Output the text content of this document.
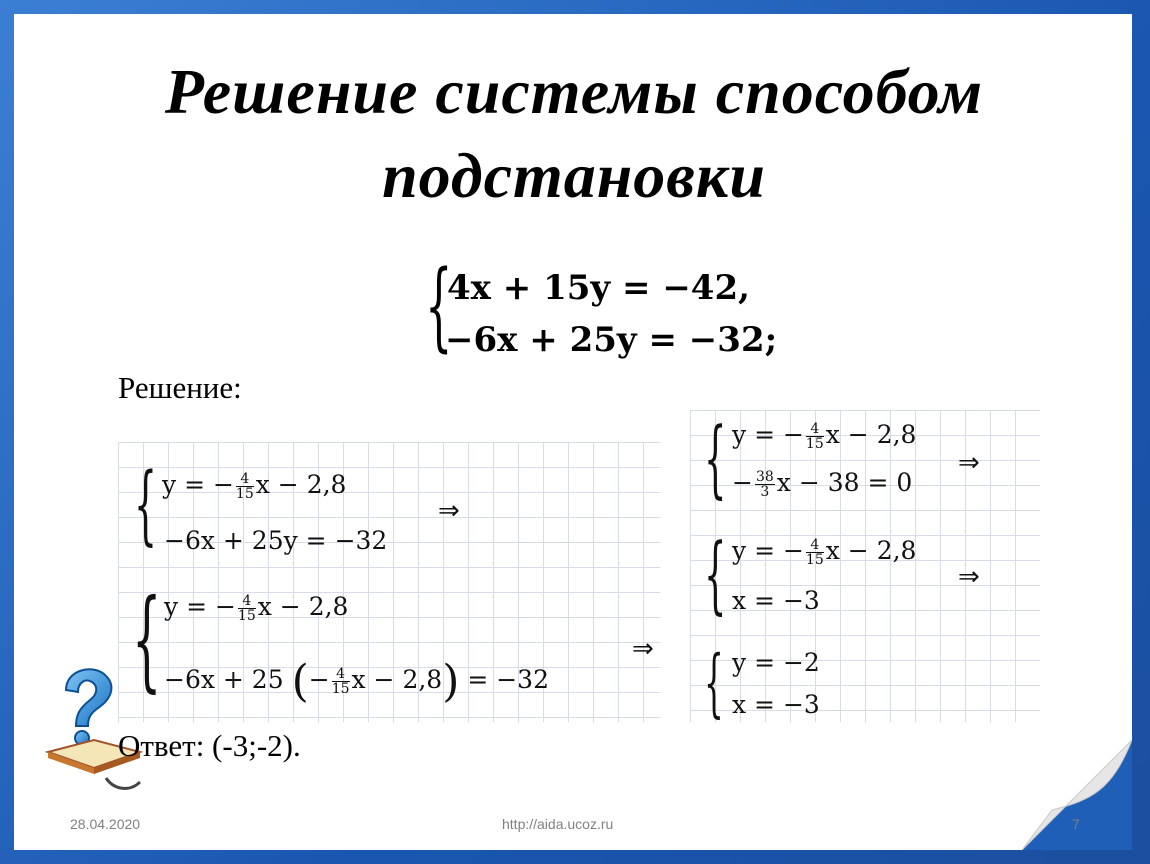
Решение системы способом
подстановки
{
4x + 15y = −42,
−6x + 25y = −32;
Решение:
{ y = − $\frac{4}{15}$ x − 2,8
−6x + 25y = −32
⇒
{ y = − $\frac{4}{15}$ x − 2,8
−6x + 25 (− $\frac{4}{15}$ x − 2,8) = −32
⇒
{ y = − $\frac{4}{15}$ x − 2,8
− $\frac{38}{3}$ x − 38 = 0
⇒
{ y = − $\frac{4}{15}$ x − 2,8
x = −3
⇒
{ y = −2
x = −3
Ответ: (-3;-2).
28.04.2020	http://aida.ucoz.ru	7
